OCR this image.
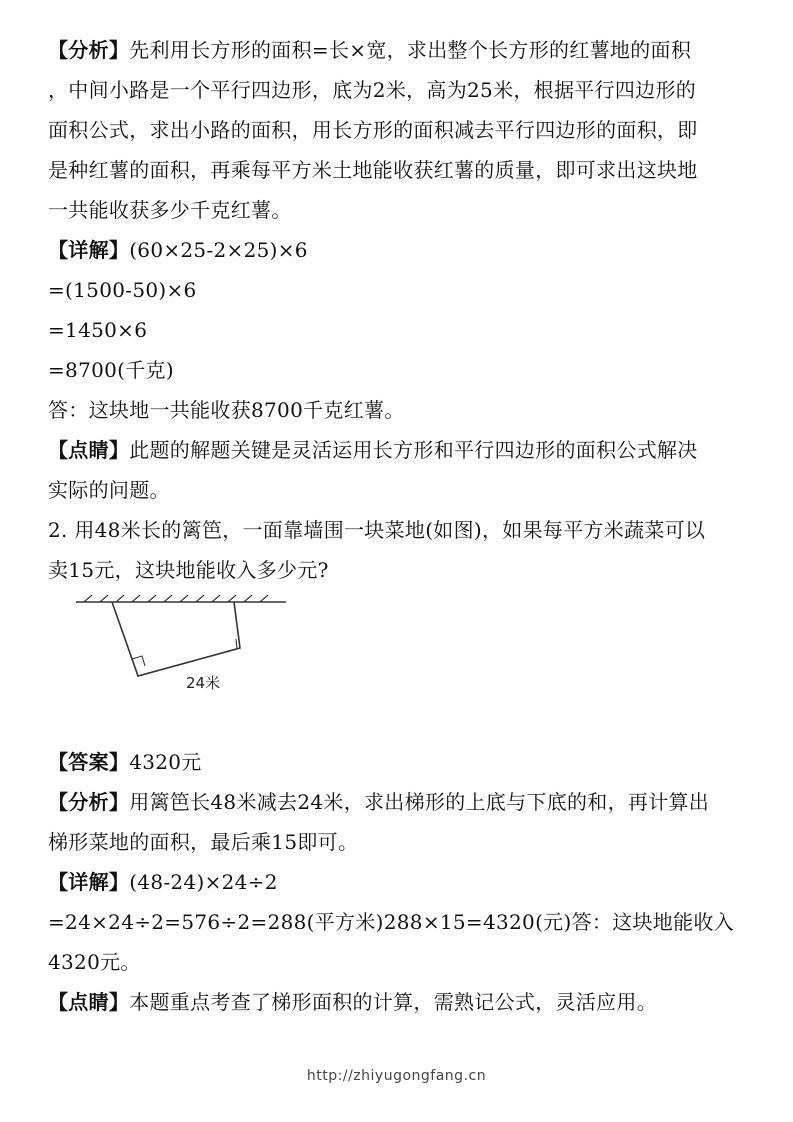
【分析】先利用长方形的面积=长×宽，求出整个长方形的红薯地的面积
，中间小路是一个平行四边形，底为2米，高为25米，根据平行四边形的
面积公式，求出小路的面积，用长方形的面积减去平行四边形的面积，即
是种红薯的面积，再乘每平方米土地能收获红薯的质量，即可求出这块地
一共能收获多少千克红薯。
【详解】(60×25-2×25)×6
=(1500-50)×6
=1450×6
=8700(千克)
答：这块地一共能收获8700千克红薯。
【点睛】此题的解题关键是灵活运用长方形和平行四边形的面积公式解决
实际的问题。
2. 用48米长的篱笆，一面靠墙围一块菜地(如图)，如果每平方米蔬菜可以
卖15元，这块地能收入多少元?
24米
【答案】4320元
【分析】用篱笆长48米减去24米，求出梯形的上底与下底的和，再计算出
梯形菜地的面积，最后乘15即可。
【详解】(48-24)×24÷2
=24×24÷2=576÷2=288(平方米)288×15=4320(元)答：这块地能收入
4320元。
【点睛】本题重点考查了梯形面积的计算，需熟记公式，灵活应用。
http://zhiyugongfang.cn
